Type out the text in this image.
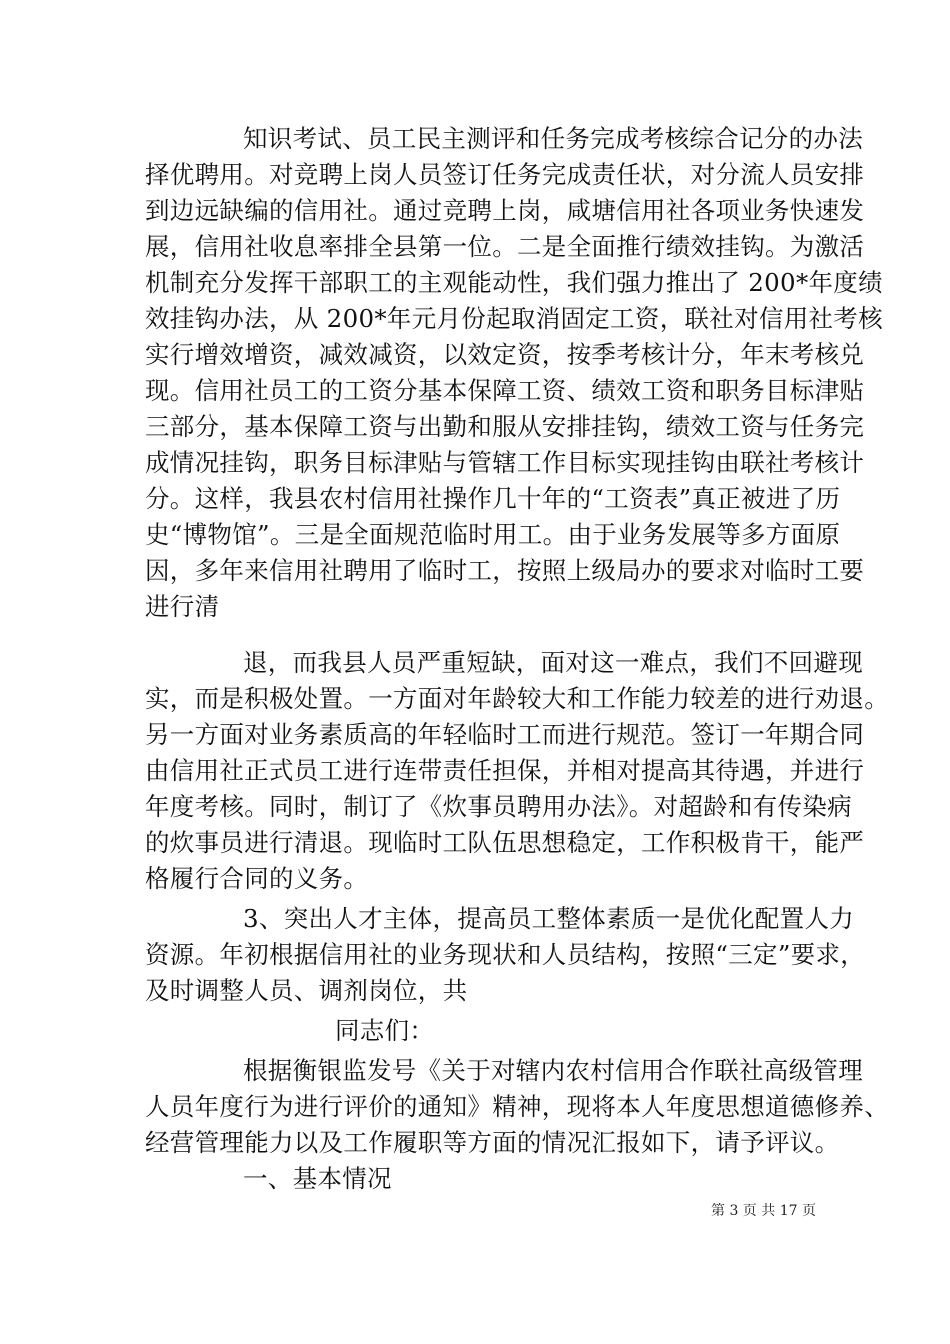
知识考试、员工民主测评和任务完成考核综合记分的办法
择优聘用。对竞聘上岗人员签订任务完成责任状，对分流人员安排
到边远缺编的信用社。通过竞聘上岗，咸塘信用社各项业务快速发
展，信用社收息率排全县第一位。二是全面推行绩效挂钩。为激活
机制充分发挥干部职工的主观能动性，我们强力推出了 200*年度绩
效挂钩办法，从 200*年元月份起取消固定工资，联社对信用社考核
实行增效增资，减效减资，以效定资，按季考核计分，年末考核兑
现。信用社员工的工资分基本保障工资、绩效工资和职务目标津贴
三部分，基本保障工资与出勤和服从安排挂钩，绩效工资与任务完
成情况挂钩，职务目标津贴与管辖工作目标实现挂钩由联社考核计
分。这样，我县农村信用社操作几十年的“工资表”真正被进了历
史“博物馆”。三是全面规范临时用工。由于业务发展等多方面原
因，多年来信用社聘用了临时工，按照上级局办的要求对临时工要
进行清
退，而我县人员严重短缺，面对这一难点，我们不回避现
实，而是积极处置。一方面对年龄较大和工作能力较差的进行劝退。
另一方面对业务素质高的年轻临时工而进行规范。签订一年期合同
由信用社正式员工进行连带责任担保，并相对提高其待遇，并进行
年度考核。同时，制订了《炊事员聘用办法》。对超龄和有传染病
的炊事员进行清退。现临时工队伍思想稳定，工作积极肯干，能严
格履行合同的义务。
3、突出人才主体，提高员工整体素质一是优化配置人力
资源。年初根据信用社的业务现状和人员结构，按照“三定”要求，
及时调整人员、调剂岗位，共
同志们：
根据衡银监发号《关于对辖内农村信用合作联社高级管理
人员年度行为进行评价的通知》精神，现将本人年度思想道德修养、
经营管理能力以及工作履职等方面的情况汇报如下，请予评议。
一、基本情况
第 3 页 共 17 页
